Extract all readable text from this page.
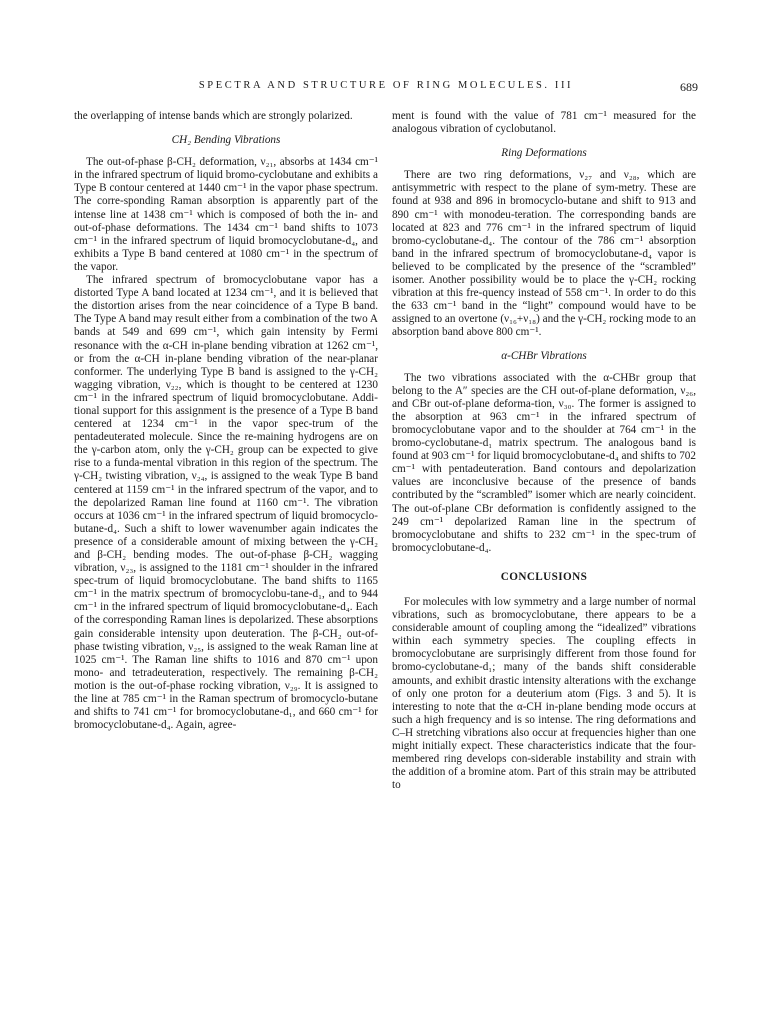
SPECTRA AND STRUCTURE OF RING MOLECULES. III	689

the overlapping of intense bands which are strongly polarized.

CH₂ Bending Vibrations

The out-of-phase β-CH₂ deformation, ν₂₁, absorbs at 1434 cm⁻¹ in the infrared spectrum of liquid bromo-cyclobutane and exhibits a Type B contour centered at 1440 cm⁻¹ in the vapor phase spectrum. The corre-sponding Raman absorption is apparently part of the intense line at 1438 cm⁻¹ which is composed of both the in- and out-of-phase deformations. The 1434 cm⁻¹ band shifts to 1073 cm⁻¹ in the infrared spectrum of liquid bromocyclobutane-d₄, and exhibits a Type B band centered at 1080 cm⁻¹ in the spectrum of the vapor.

The infrared spectrum of bromocyclobutane vapor has a distorted Type A band located at 1234 cm⁻¹, and it is believed that the distortion arises from the near coincidence of a Type B band. The Type A band may result either from a combination of the two A bands at 549 and 699 cm⁻¹, which gain intensity by Fermi resonance with the α-CH in-plane bending vibration at 1262 cm⁻¹, or from the α-CH in-plane bending vibration of the near-planar conformer. The underlying Type B band is assigned to the γ-CH₂ wagging vibration, ν₂₂, which is thought to be centered at 1230 cm⁻¹ in the infrared spectrum of liquid bromocyclobutane. Addi-tional support for this assignment is the presence of a Type B band centered at 1234 cm⁻¹ in the vapor spec-trum of the pentadeuterated molecule. Since the re-maining hydrogens are on the γ-carbon atom, only the γ-CH₂ group can be expected to give rise to a funda-mental vibration in this region of the spectrum. The γ-CH₂ twisting vibration, ν₂₄, is assigned to the weak Type B band centered at 1159 cm⁻¹ in the infrared spectrum of the vapor, and to the depolarized Raman line found at 1160 cm⁻¹. The vibration occurs at 1036 cm⁻¹ in the infrared spectrum of liquid bromocyclo-butane-d₄. Such a shift to lower wavenumber again indicates the presence of a considerable amount of mixing between the γ-CH₂ and β-CH₂ bending modes. The out-of-phase β-CH₂ wagging vibration, ν₂₃, is assigned to the 1181 cm⁻¹ shoulder in the infrared spec-trum of liquid bromocyclobutane. The band shifts to 1165 cm⁻¹ in the matrix spectrum of bromocyclobu-tane-d₁, and to 944 cm⁻¹ in the infrared spectrum of liquid bromocyclobutane-d₄. Each of the corresponding Raman lines is depolarized. These absorptions gain considerable intensity upon deuteration. The β-CH₂ out-of-phase twisting vibration, ν₂₅, is assigned to the weak Raman line at 1025 cm⁻¹. The Raman line shifts to 1016 and 870 cm⁻¹ upon mono- and tetradeuteration, respectively. The remaining β-CH₂ motion is the out-of-phase rocking vibration, ν₂₉. It is assigned to the line at 785 cm⁻¹ in the Raman spectrum of bromocyclo-butane and shifts to 741 cm⁻¹ for bromocyclobutane-d₁, and 660 cm⁻¹ for bromocyclobutane-d₄. Again, agree-

ment is found with the value of 781 cm⁻¹ measured for the analogous vibration of cyclobutanol.

Ring Deformations

There are two ring deformations, ν₂₇ and ν₂₈, which are antisymmetric with respect to the plane of sym-metry. These are found at 938 and 896 in bromocyclo-butane and shift to 913 and 890 cm⁻¹ with monodeu-teration. The corresponding bands are located at 823 and 776 cm⁻¹ in the infrared spectrum of liquid bromo-cyclobutane-d₄. The contour of the 786 cm⁻¹ absorption band in the infrared spectrum of bromocyclobutane-d₄ vapor is believed to be complicated by the presence of the “scrambled” isomer. Another possibility would be to place the γ-CH₂ rocking vibration at this fre-quency instead of 558 cm⁻¹. In order to do this the 633 cm⁻¹ band in the “light” compound would have to be assigned to an overtone (ν₁₆+ν₁₈) and the γ-CH₂ rocking mode to an absorption band above 800 cm⁻¹.

α-CHBr Vibrations

The two vibrations associated with the α-CHBr group that belong to the A″ species are the CH out-of-plane deformation, ν₂₆, and CBr out-of-plane deforma-tion, ν₃₀. The former is assigned to the absorption at 963 cm⁻¹ in the infrared spectrum of bromocyclobutane vapor and to the shoulder at 764 cm⁻¹ in the bromo-cyclobutane-d₁ matrix spectrum. The analogous band is found at 903 cm⁻¹ for liquid bromocyclobutane-d₄ and shifts to 702 cm⁻¹ with pentadeuteration. Band contours and depolarization values are inconclusive because of the presence of bands contributed by the “scrambled” isomer which are nearly coincident. The out-of-plane CBr deformation is confidently assigned to the 249 cm⁻¹ depolarized Raman line in the spectrum of bromocyclobutane and shifts to 232 cm⁻¹ in the spec-trum of bromocyclobutane-d₄.

CONCLUSIONS

For molecules with low symmetry and a large number of normal vibrations, such as bromocyclobutane, there appears to be a considerable amount of coupling among the “idealized” vibrations within each symmetry species. The coupling effects in bromocyclobutane are surprisingly different from those found for bromo-cyclobutane-d₁; many of the bands shift considerable amounts, and exhibit drastic intensity alterations with the exchange of only one proton for a deuterium atom (Figs. 3 and 5). It is interesting to note that the α-CH in-plane bending mode occurs at such a high frequency and is so intense. The ring deformations and C–H stretching vibrations also occur at frequencies higher than one might initially expect. These characteristics indicate that the four-membered ring develops con-siderable instability and strain with the addition of a bromine atom. Part of this strain may be attributed to
